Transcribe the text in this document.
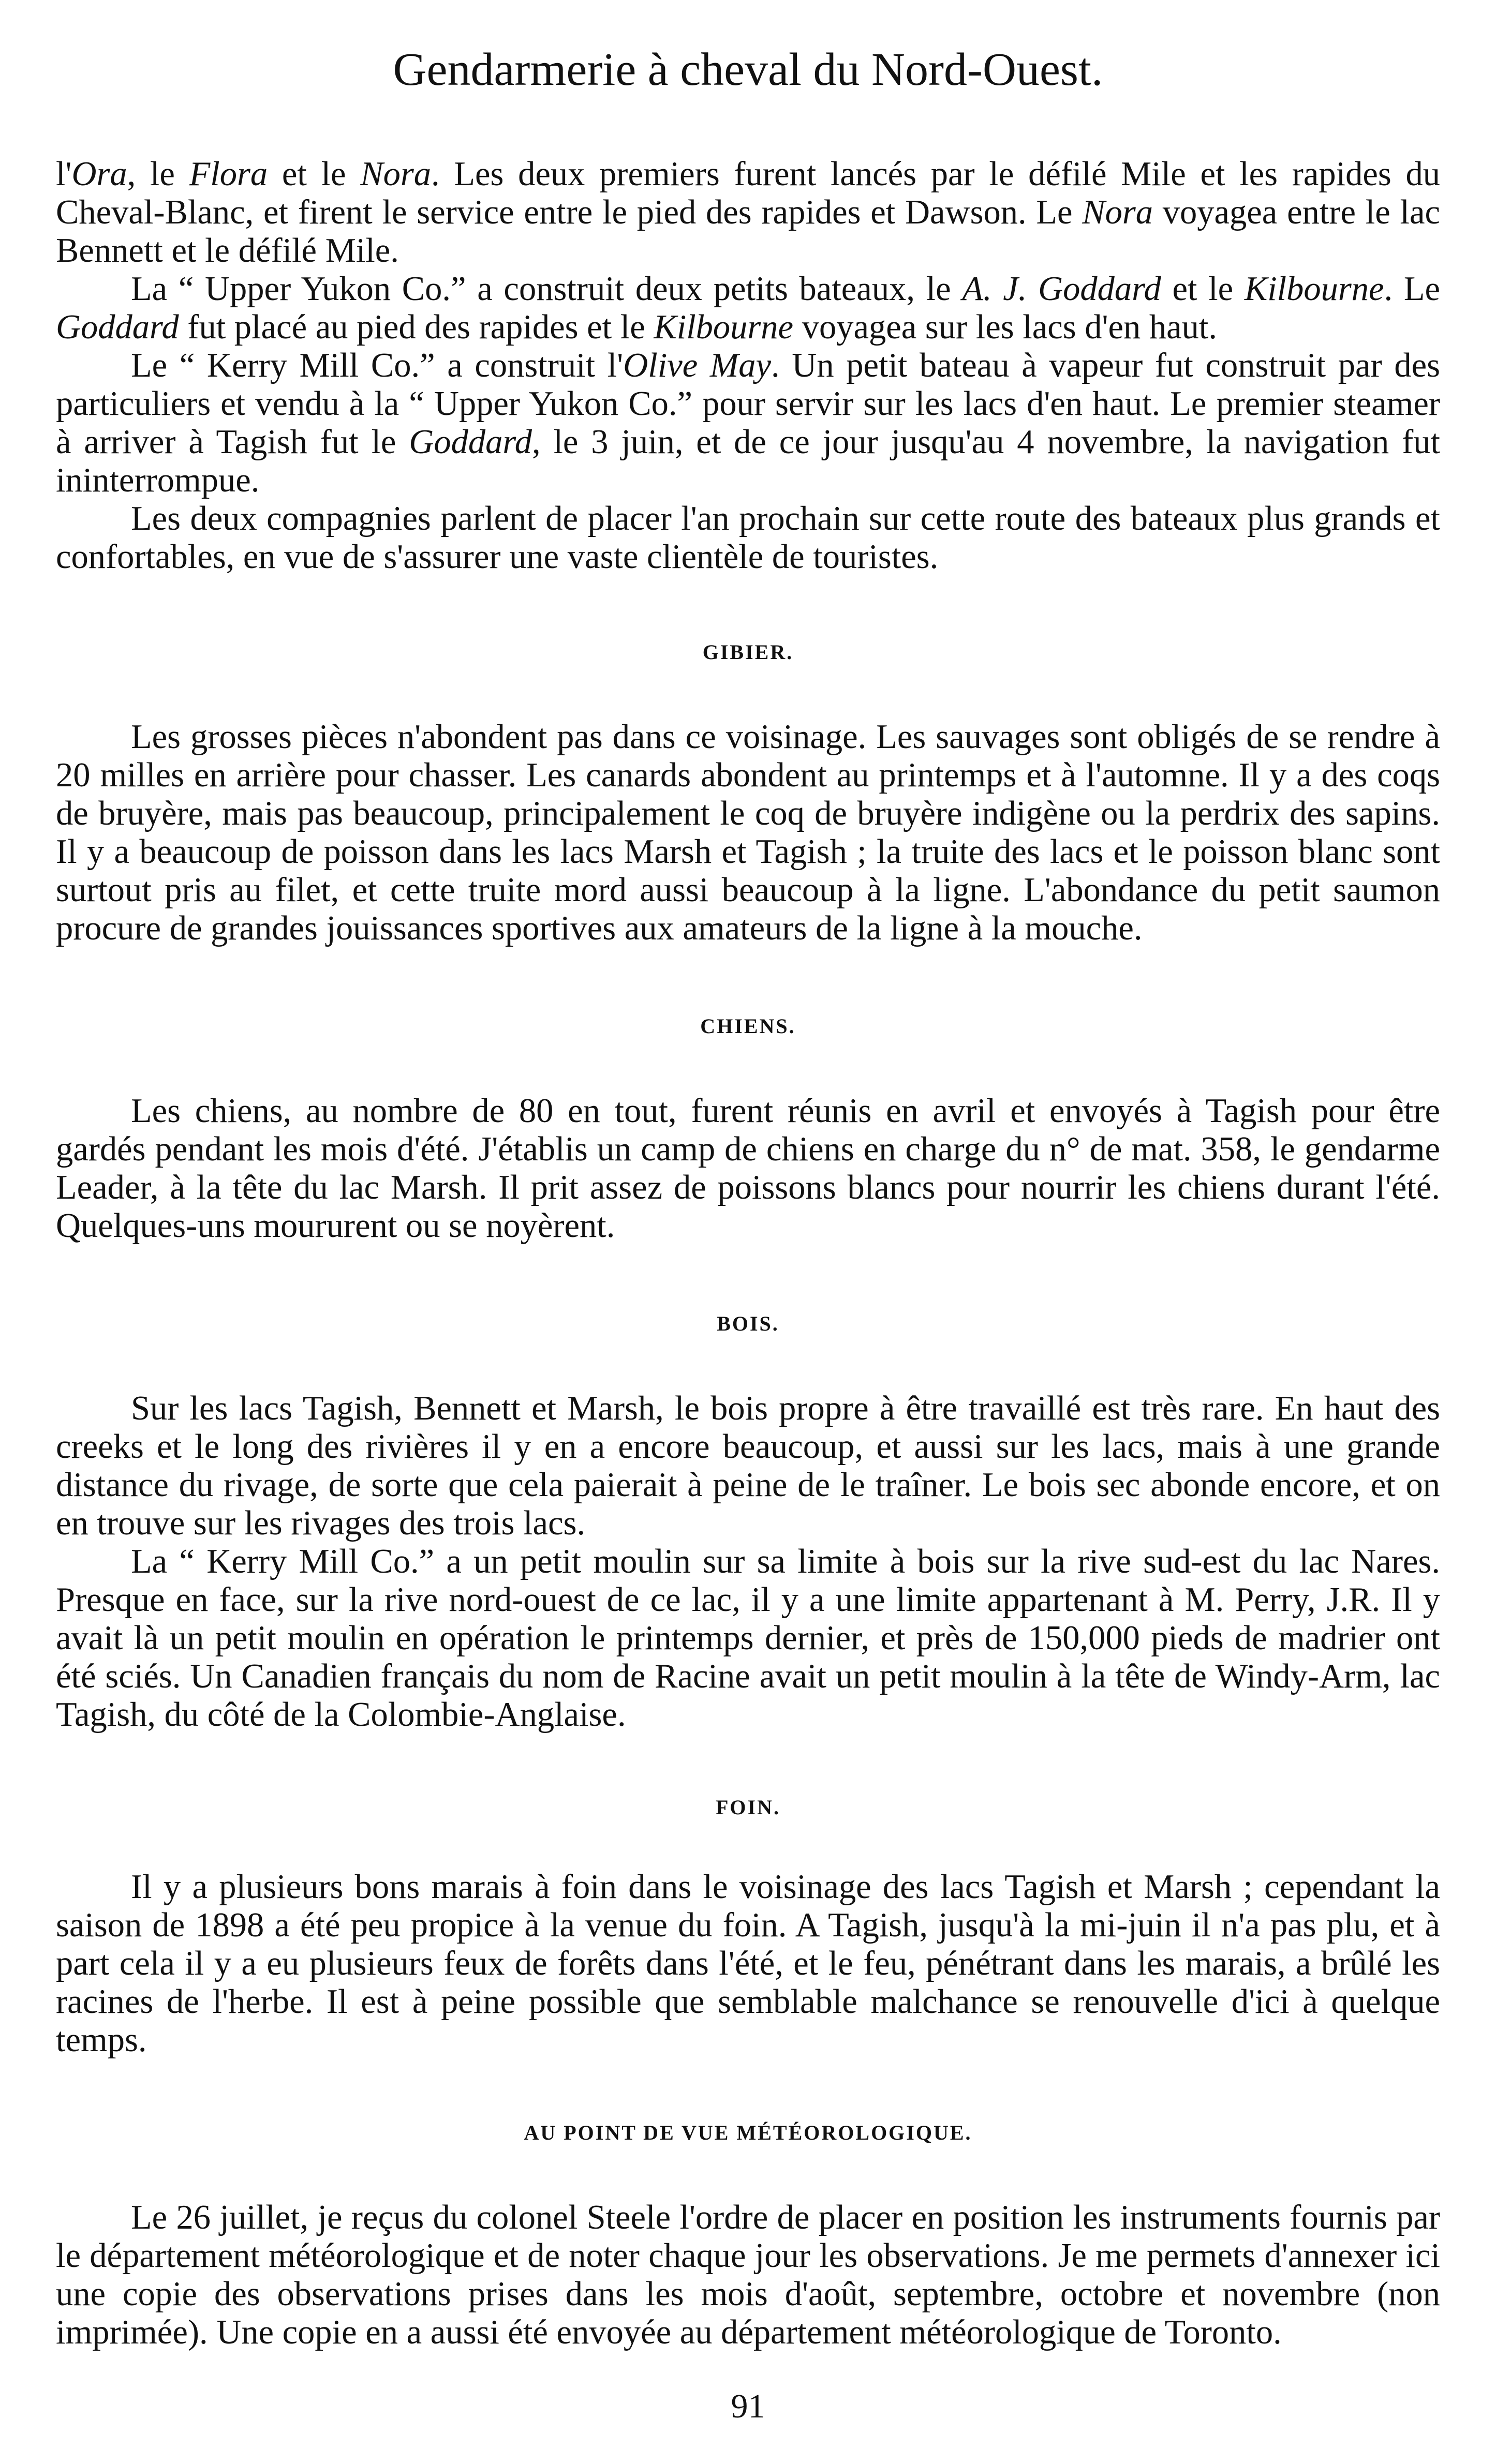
Gendarmerie à cheval du Nord-Ouest.

l'Ora, le Flora et le Nora. Les deux premiers furent lancés par le défilé Mile et les rapides du Cheval-Blanc, et firent le service entre le pied des rapides et Dawson. Le Nora voyagea entre le lac Bennett et le défilé Mile.

La “ Upper Yukon Co.” a construit deux petits bateaux, le A. J. Goddard et le Kilbourne. Le Goddard fut placé au pied des rapides et le Kilbourne voyagea sur les lacs d'en haut.

Le “ Kerry Mill Co.” a construit l'Olive May. Un petit bateau à vapeur fut construit par des particuliers et vendu à la “ Upper Yukon Co.” pour servir sur les lacs d'en haut. Le premier steamer à arriver à Tagish fut le Goddard, le 3 juin, et de ce jour jusqu'au 4 novembre, la navigation fut ininterrompue.

Les deux compagnies parlent de placer l'an prochain sur cette route des bateaux plus grands et confortables, en vue de s'assurer une vaste clientèle de touristes.

GIBIER.

Les grosses pièces n'abondent pas dans ce voisinage. Les sauvages sont obligés de se rendre à 20 milles en arrière pour chasser. Les canards abondent au printemps et à l'automne. Il y a des coqs de bruyère, mais pas beaucoup, principalement le coq de bruyère indigène ou la perdrix des sapins. Il y a beaucoup de poisson dans les lacs Marsh et Tagish ; la truite des lacs et le poisson blanc sont surtout pris au filet, et cette truite mord aussi beaucoup à la ligne. L'abondance du petit saumon procure de grandes jouissances sportives aux amateurs de la ligne à la mouche.

CHIENS.

Les chiens, au nombre de 80 en tout, furent réunis en avril et envoyés à Tagish pour être gardés pendant les mois d'été. J'établis un camp de chiens en charge du n° de mat. 358, le gendarme Leader, à la tête du lac Marsh. Il prit assez de poissons blancs pour nourrir les chiens durant l'été. Quelques-uns moururent ou se noyèrent.

BOIS.

Sur les lacs Tagish, Bennett et Marsh, le bois propre à être travaillé est très rare. En haut des creeks et le long des rivières il y en a encore beaucoup, et aussi sur les lacs, mais à une grande distance du rivage, de sorte que cela paierait à peine de le traîner. Le bois sec abonde encore, et on en trouve sur les rivages des trois lacs.

La “ Kerry Mill Co.” a un petit moulin sur sa limite à bois sur la rive sud-est du lac Nares. Presque en face, sur la rive nord-ouest de ce lac, il y a une limite appartenant à M. Perry, J.R. Il y avait là un petit moulin en opération le printemps dernier, et près de 150,000 pieds de madrier ont été sciés. Un Canadien français du nom de Racine avait un petit moulin à la tête de Windy-Arm, lac Tagish, du côté de la Colombie-Anglaise.

FOIN.

Il y a plusieurs bons marais à foin dans le voisinage des lacs Tagish et Marsh ; cependant la saison de 1898 a été peu propice à la venue du foin. A Tagish, jusqu'à la mi-juin il n'a pas plu, et à part cela il y a eu plusieurs feux de forêts dans l'été, et le feu, pénétrant dans les marais, a brûlé les racines de l'herbe. Il est à peine possible que semblable malchance se renouvelle d'ici à quelque temps.

AU POINT DE VUE MÉTÉOROLOGIQUE.

Le 26 juillet, je reçus du colonel Steele l'ordre de placer en position les instruments fournis par le département météorologique et de noter chaque jour les observations. Je me permets d'annexer ici une copie des observations prises dans les mois d'août, septembre, octobre et novembre (non imprimée). Une copie en a aussi été envoyée au département météorologique de Toronto.

91
